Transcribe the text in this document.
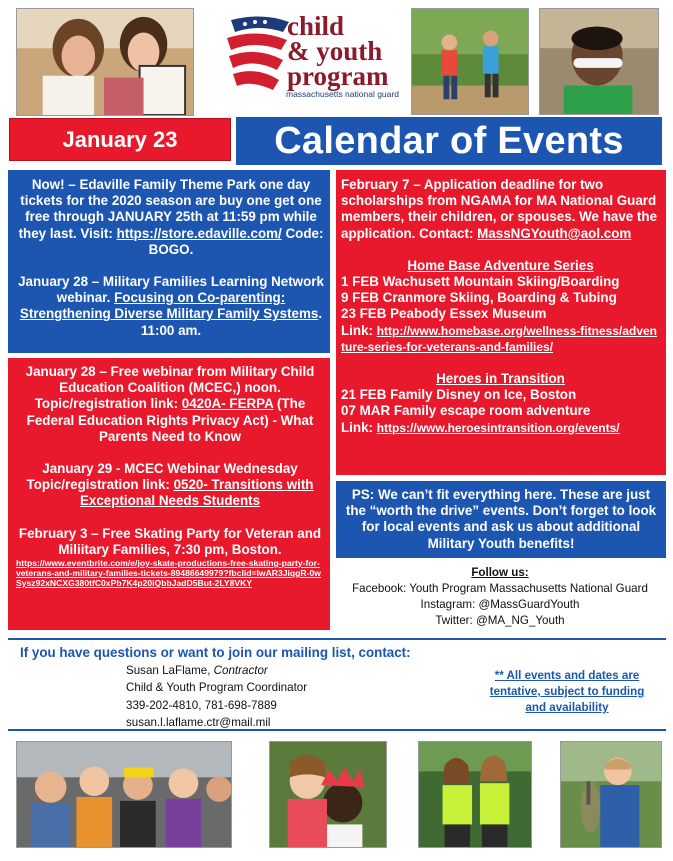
child
& youth
program
massachusetts national guard
January 23	Calendar of Events

Now! – Edaville Family Theme Park one day tickets for the 2020 season are buy one get one free through JANUARY 25th at 11:59 pm while they last. Visit: https://store.edaville.com/ Code: BOGO.

January 28 – Military Families Learning Network webinar. Focusing on Co-parenting: Strengthening Diverse Military Family Systems. 11:00 am.

January 28 – Free webinar from Military Child Education Coalition (MCEC,) noon. Topic/registration link: 0420A- FERPA (The Federal Education Rights Privacy Act) - What Parents Need to Know

January 29 - MCEC Webinar Wednesday Topic/registration link: 0520- Transitions with Exceptional Needs Students

February 3 – Free Skating Party for Veteran and Miliitary Families, 7:30 pm, Boston.
https://www.eventbrite.com/e/joy-skate-productions-free-skating-party-for-veterans-and-military-families-tickets-89486649979?fbclid=IwAR3JiqgR-0wSysz92xNCXG380tfC0xPb7K4p20iQbbJadD5But-2LY8VKY

February 7 – Application deadline for two scholarships from NGAMA for MA National Guard members, their children, or spouses. We have the application. Contact: MassNGYouth@aol.com

Home Base Adventure Series

1 FEB Wachusett Mountain Skiing/Boarding

9 FEB Cranmore Skiing, Boarding & Tubing

23 FEB Peabody Essex Museum

Link: http://www.homebase.org/wellness-fitness/adventure-series-for-veterans-and-families/

Heroes in Transition

21 FEB Family Disney on Ice, Boston

07 MAR Family escape room adventure

Link: https://www.heroesintransition.org/events/

PS: We can’t fit everything here. These are just the “worth the drive” events. Don’t forget to look for local events and ask us about additional Military Youth benefits!

Follow us:
Facebook: Youth Program Massachusetts National Guard
Instagram: @MassGuardYouth
Twitter: @MA_NG_Youth
If you have questions or want to join our mailing list, contact:
Susan LaFlame, Contractor
Child & Youth Program Coordinator
339-202-4810, 781-698-7889
susan.l.laflame.ctr@mail.mil
** All events and dates are tentative, subject to funding and availability
